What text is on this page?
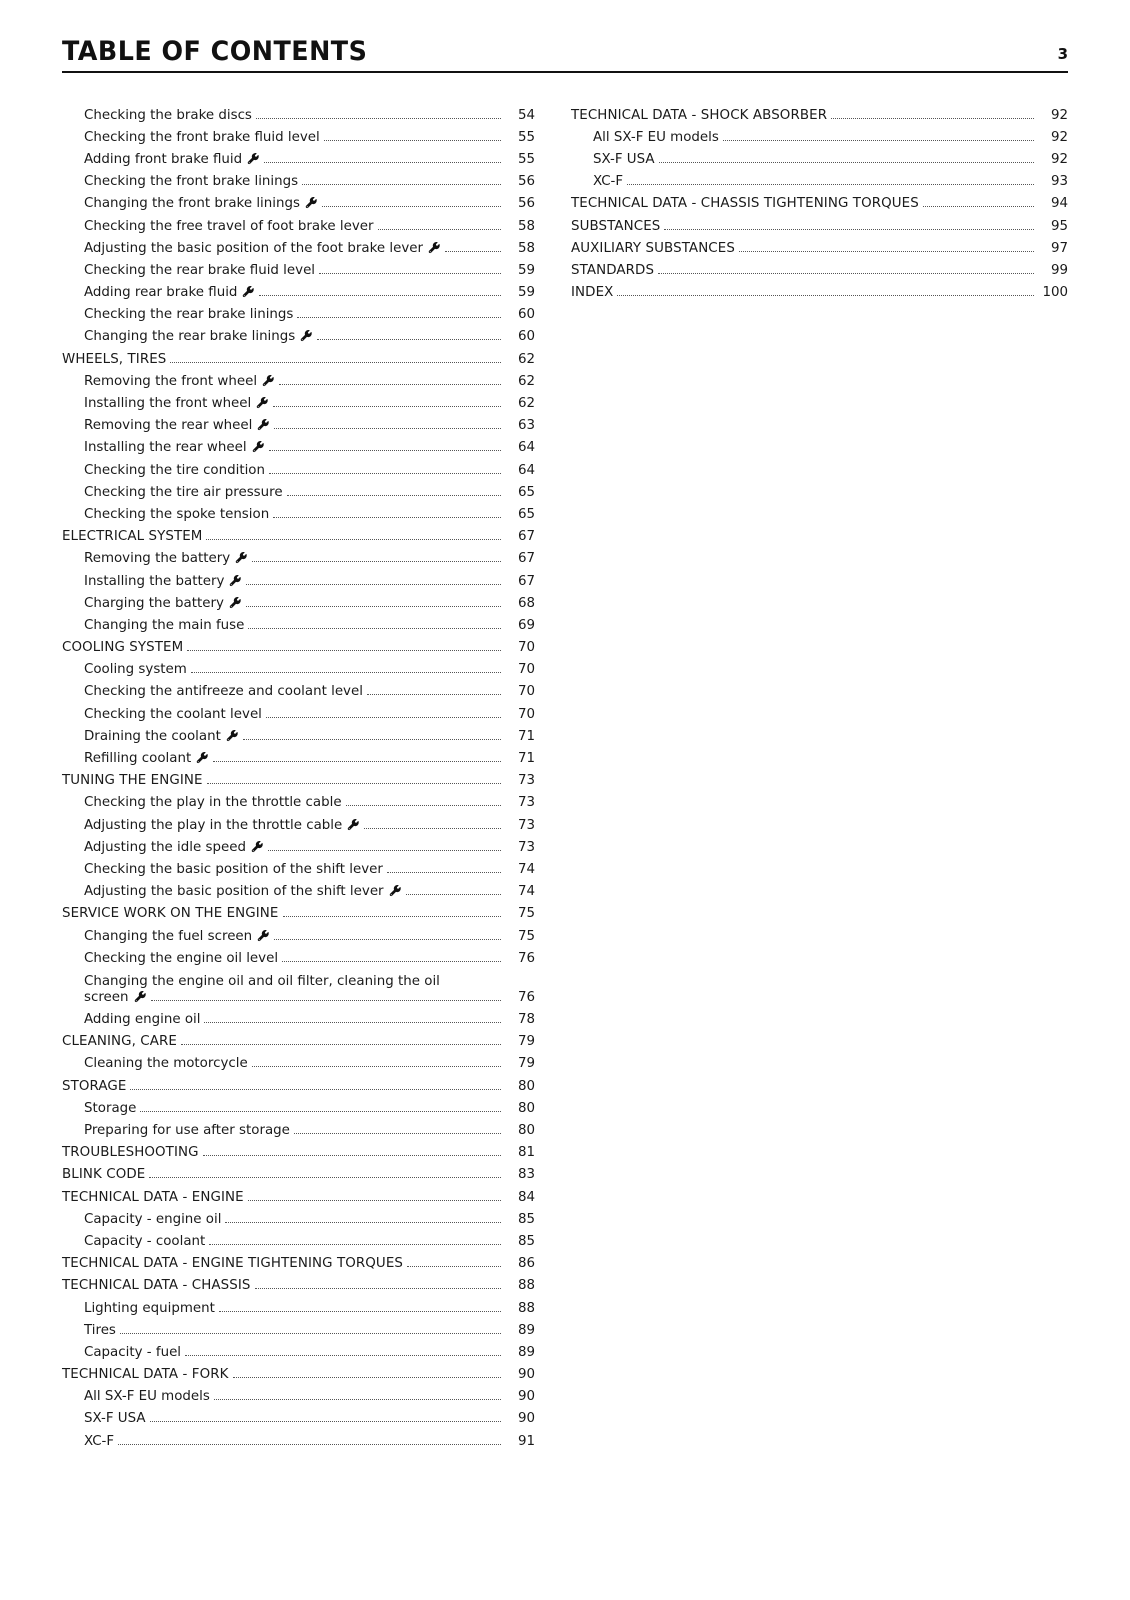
TABLE OF CONTENTS	3
Checking the brake discs	54
Checking the front brake fluid level	55
Adding front brake fluid	55
Checking the front brake linings	56
Changing the front brake linings	56
Checking the free travel of foot brake lever	58
Adjusting the basic position of the foot brake lever	58
Checking the rear brake fluid level	59
Adding rear brake fluid	59
Checking the rear brake linings	60
Changing the rear brake linings	60
WHEELS, TIRES	62
Removing the front wheel	62
Installing the front wheel	62
Removing the rear wheel	63
Installing the rear wheel	64
Checking the tire condition	64
Checking the tire air pressure	65
Checking the spoke tension	65
ELECTRICAL SYSTEM	67
Removing the battery	67
Installing the battery	67
Charging the battery	68
Changing the main fuse	69
COOLING SYSTEM	70
Cooling system	70
Checking the antifreeze and coolant level	70
Checking the coolant level	70
Draining the coolant	71
Refilling coolant	71
TUNING THE ENGINE	73
Checking the play in the throttle cable	73
Adjusting the play in the throttle cable	73
Adjusting the idle speed	73
Checking the basic position of the shift lever	74
Adjusting the basic position of the shift lever	74
SERVICE WORK ON THE ENGINE	75
Changing the fuel screen	75
Checking the engine oil level	76
Changing the engine oil and oil filter, cleaning the oil
screen	76
Adding engine oil	78
CLEANING, CARE	79
Cleaning the motorcycle	79
STORAGE	80
Storage	80
Preparing for use after storage	80
TROUBLESHOOTING	81
BLINK CODE	83
TECHNICAL DATA - ENGINE	84
Capacity - engine oil	85
Capacity - coolant	85
TECHNICAL DATA - ENGINE TIGHTENING TORQUES	86
TECHNICAL DATA - CHASSIS	88
Lighting equipment	88
Tires	89
Capacity - fuel	89
TECHNICAL DATA - FORK	90
All SX-F EU models	90
SX-F USA	90
XC-F	91
TECHNICAL DATA - SHOCK ABSORBER	92
All SX-F EU models	92
SX-F USA	92
XC-F	93
TECHNICAL DATA - CHASSIS TIGHTENING TORQUES	94
SUBSTANCES	95
AUXILIARY SUBSTANCES	97
STANDARDS	99
INDEX	100
